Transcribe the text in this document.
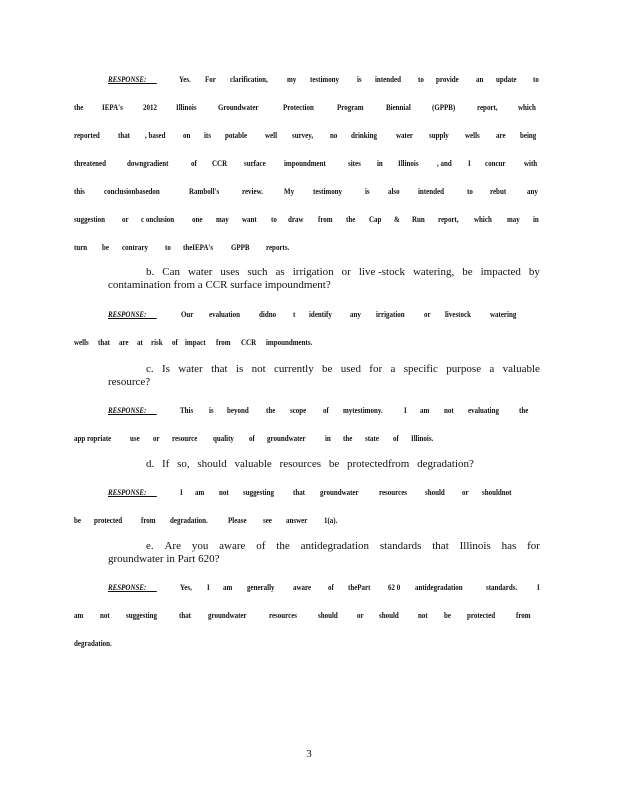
RESPONSE:	Yes. For clarification, my testimony is intended to provide an update to
the IEPA's 2012 Illinois Groundwater	Protection	Program	Biennial	(GPPB)	report, which
reported that , based on its potable well survey, no drinking water supply wells are being
threatened downgradient	of CCR surface impoundment	sites in Illinois , and I concur with
this conclusionbasedon	Ramboll's	review. My testimony	is also intended	to rebut any
suggestion or c onclusion one may want to draw from the Cap & Run report, which may in
turn be contrary to theIEPA's GPPB reports.
b. Can water uses such as irrigation or live -stock watering, be impacted by
contamination from a CCR surface impoundment?
RESPONSE:	Our evaluation didno t identify any irrigation or livestock watering
wells that are at risk of impact from CCR impoundments.
c. Is water that is not currently be used for a specific purpose a valuable
resource?
RESPONSE:	This is beyond the scope of mytestimony.	I am not evaluating the
app ropriate use or resource quality of groundwater in the state of Illinois.
d. If so, should valuable resources be protectedfrom degradation?
RESPONSE:	I am not suggesting that groundwater resources should or shouldnot
be protected from degradation. Please see answer 1(a).
e. Are you aware of the antidegradation standards that Illinois has for
groundwater in Part 620?
RESPONSE:	Yes, I am generally aware of thePart 62 0 antidegradation	standards. I
am not suggesting	that groundwater	resources should or should not be protected from
degradation.
3
